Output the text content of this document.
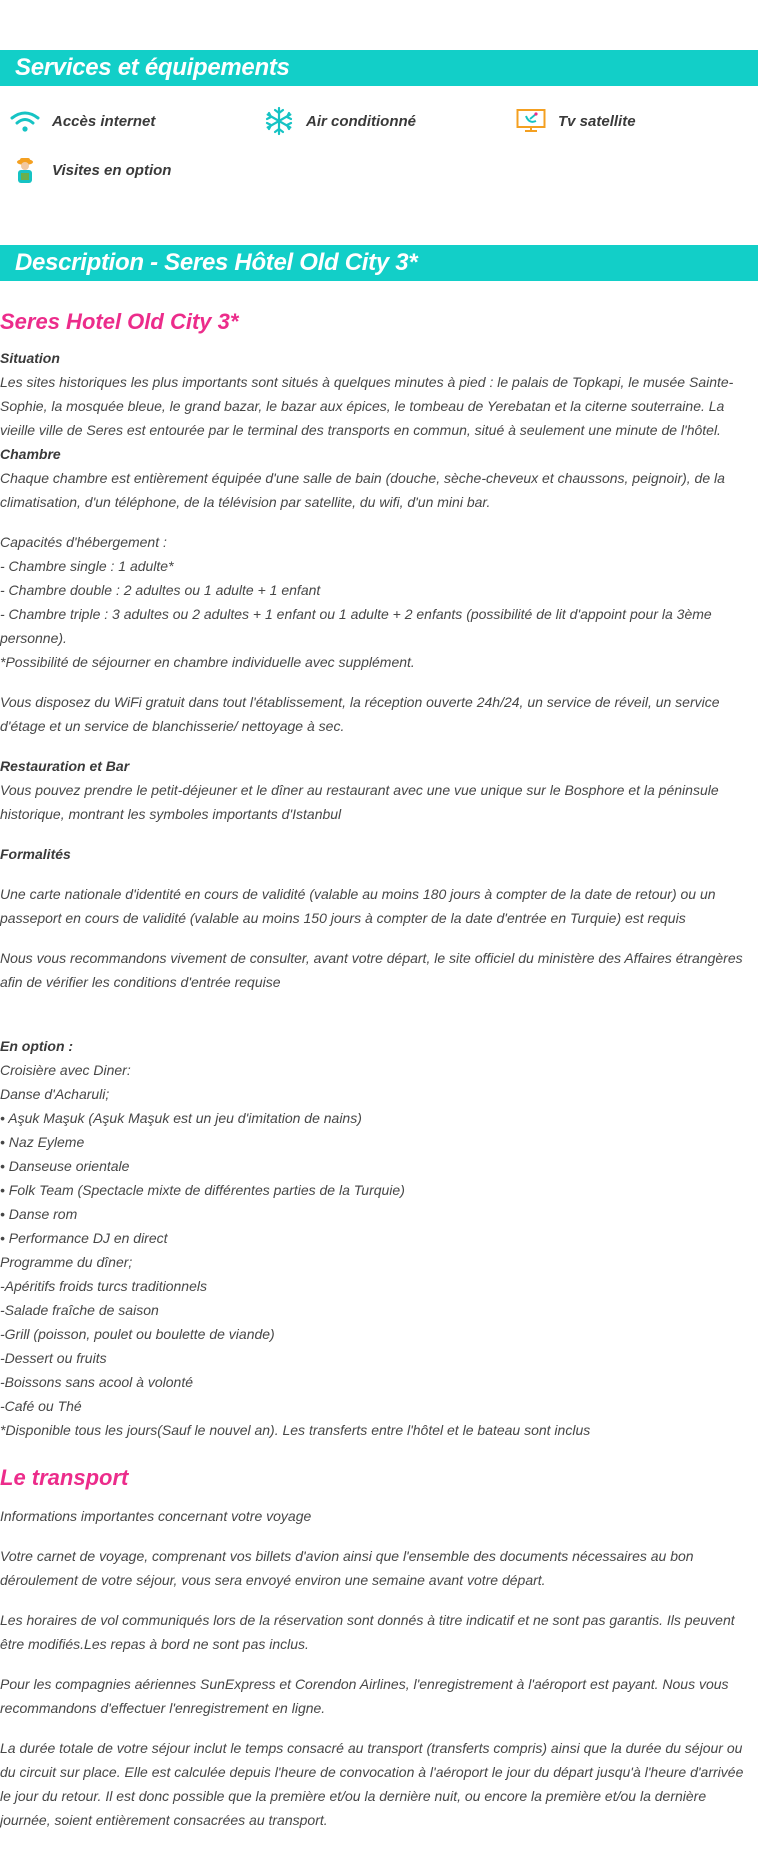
Services et équipements
Accès internet	Air conditionné	Tv satellite
Visites en option
Description - Seres Hôtel Old City 3*
Seres Hotel Old City 3*

Situation
Les sites historiques les plus importants sont situés à quelques minutes à pied : le palais de Topkapi, le musée Sainte-Sophie, la mosquée bleue, le grand bazar, le bazar aux épices, le tombeau de Yerebatan et la citerne souterraine. La vieille ville de Seres est entourée par le terminal des transports en commun, situé à seulement une minute de l'hôtel.

Chambre
Chaque chambre est entièrement équipée d'une salle de bain (douche, sèche-cheveux et chaussons, peignoir), de la climatisation, d'un téléphone, de la télévision par satellite, du wifi, d'un mini bar.

Capacités d'hébergement :
- Chambre single : 1 adulte*
- Chambre double : 2 adultes ou 1 adulte + 1 enfant
- Chambre triple : 3 adultes ou 2 adultes + 1 enfant ou 1 adulte + 2 enfants (possibilité de lit d'appoint pour la 3ème personne).
*Possibilité de séjourner en chambre individuelle avec supplément.

Vous disposez du WiFi gratuit dans tout l'établissement, la réception ouverte 24h/24, un service de réveil, un service d'étage et un service de blanchisserie/ nettoyage à sec.

Restauration et Bar
Vous pouvez prendre le petit-déjeuner et le dîner au restaurant avec une vue unique sur le Bosphore et la péninsule historique, montrant les symboles importants d'Istanbul

Formalités

Une carte nationale d'identité en cours de validité (valable au moins 180 jours à compter de la date de retour) ou un passeport en cours de validité (valable au moins 150 jours à compter de la date d'entrée en Turquie) est requis

Nous vous recommandons vivement de consulter, avant votre départ, le site officiel du ministère des Affaires étrangères afin de vérifier les conditions d'entrée requise

En option :
Croisière avec Diner:
Danse d'Acharuli;
• Aşuk Maşuk (Aşuk Maşuk est un jeu d'imitation de nains)
• Naz Eyleme
• Danseuse orientale
• Folk Team (Spectacle mixte de différentes parties de la Turquie)
• Danse rom
• Performance DJ en direct
Programme du dîner;
-Apéritifs froids turcs traditionnels
-Salade fraîche de saison
-Grill (poisson, poulet ou boulette de viande)
-Dessert ou fruits
-Boissons sans acool à volonté
-Café ou Thé
*Disponible tous les jours(Sauf le nouvel an). Les transferts entre l'hôtel et le bateau sont inclus

Le transport

Informations importantes concernant votre voyage

Votre carnet de voyage, comprenant vos billets d'avion ainsi que l'ensemble des documents nécessaires au bon déroulement de votre séjour, vous sera envoyé environ une semaine avant votre départ.

Les horaires de vol communiqués lors de la réservation sont donnés à titre indicatif et ne sont pas garantis. Ils peuvent être modifiés.Les repas à bord ne sont pas inclus.

Pour les compagnies aériennes SunExpress et Corendon Airlines, l'enregistrement à l'aéroport est payant. Nous vous recommandons d'effectuer l'enregistrement en ligne.

La durée totale de votre séjour inclut le temps consacré au transport (transferts compris) ainsi que la durée du séjour ou du circuit sur place. Elle est calculée depuis l'heure de convocation à l'aéroport le jour du départ jusqu'à l'heure d'arrivée le jour du retour. Il est donc possible que la première et/ou la dernière nuit, ou encore la première et/ou la dernière journée, soient entièrement consacrées au transport.
